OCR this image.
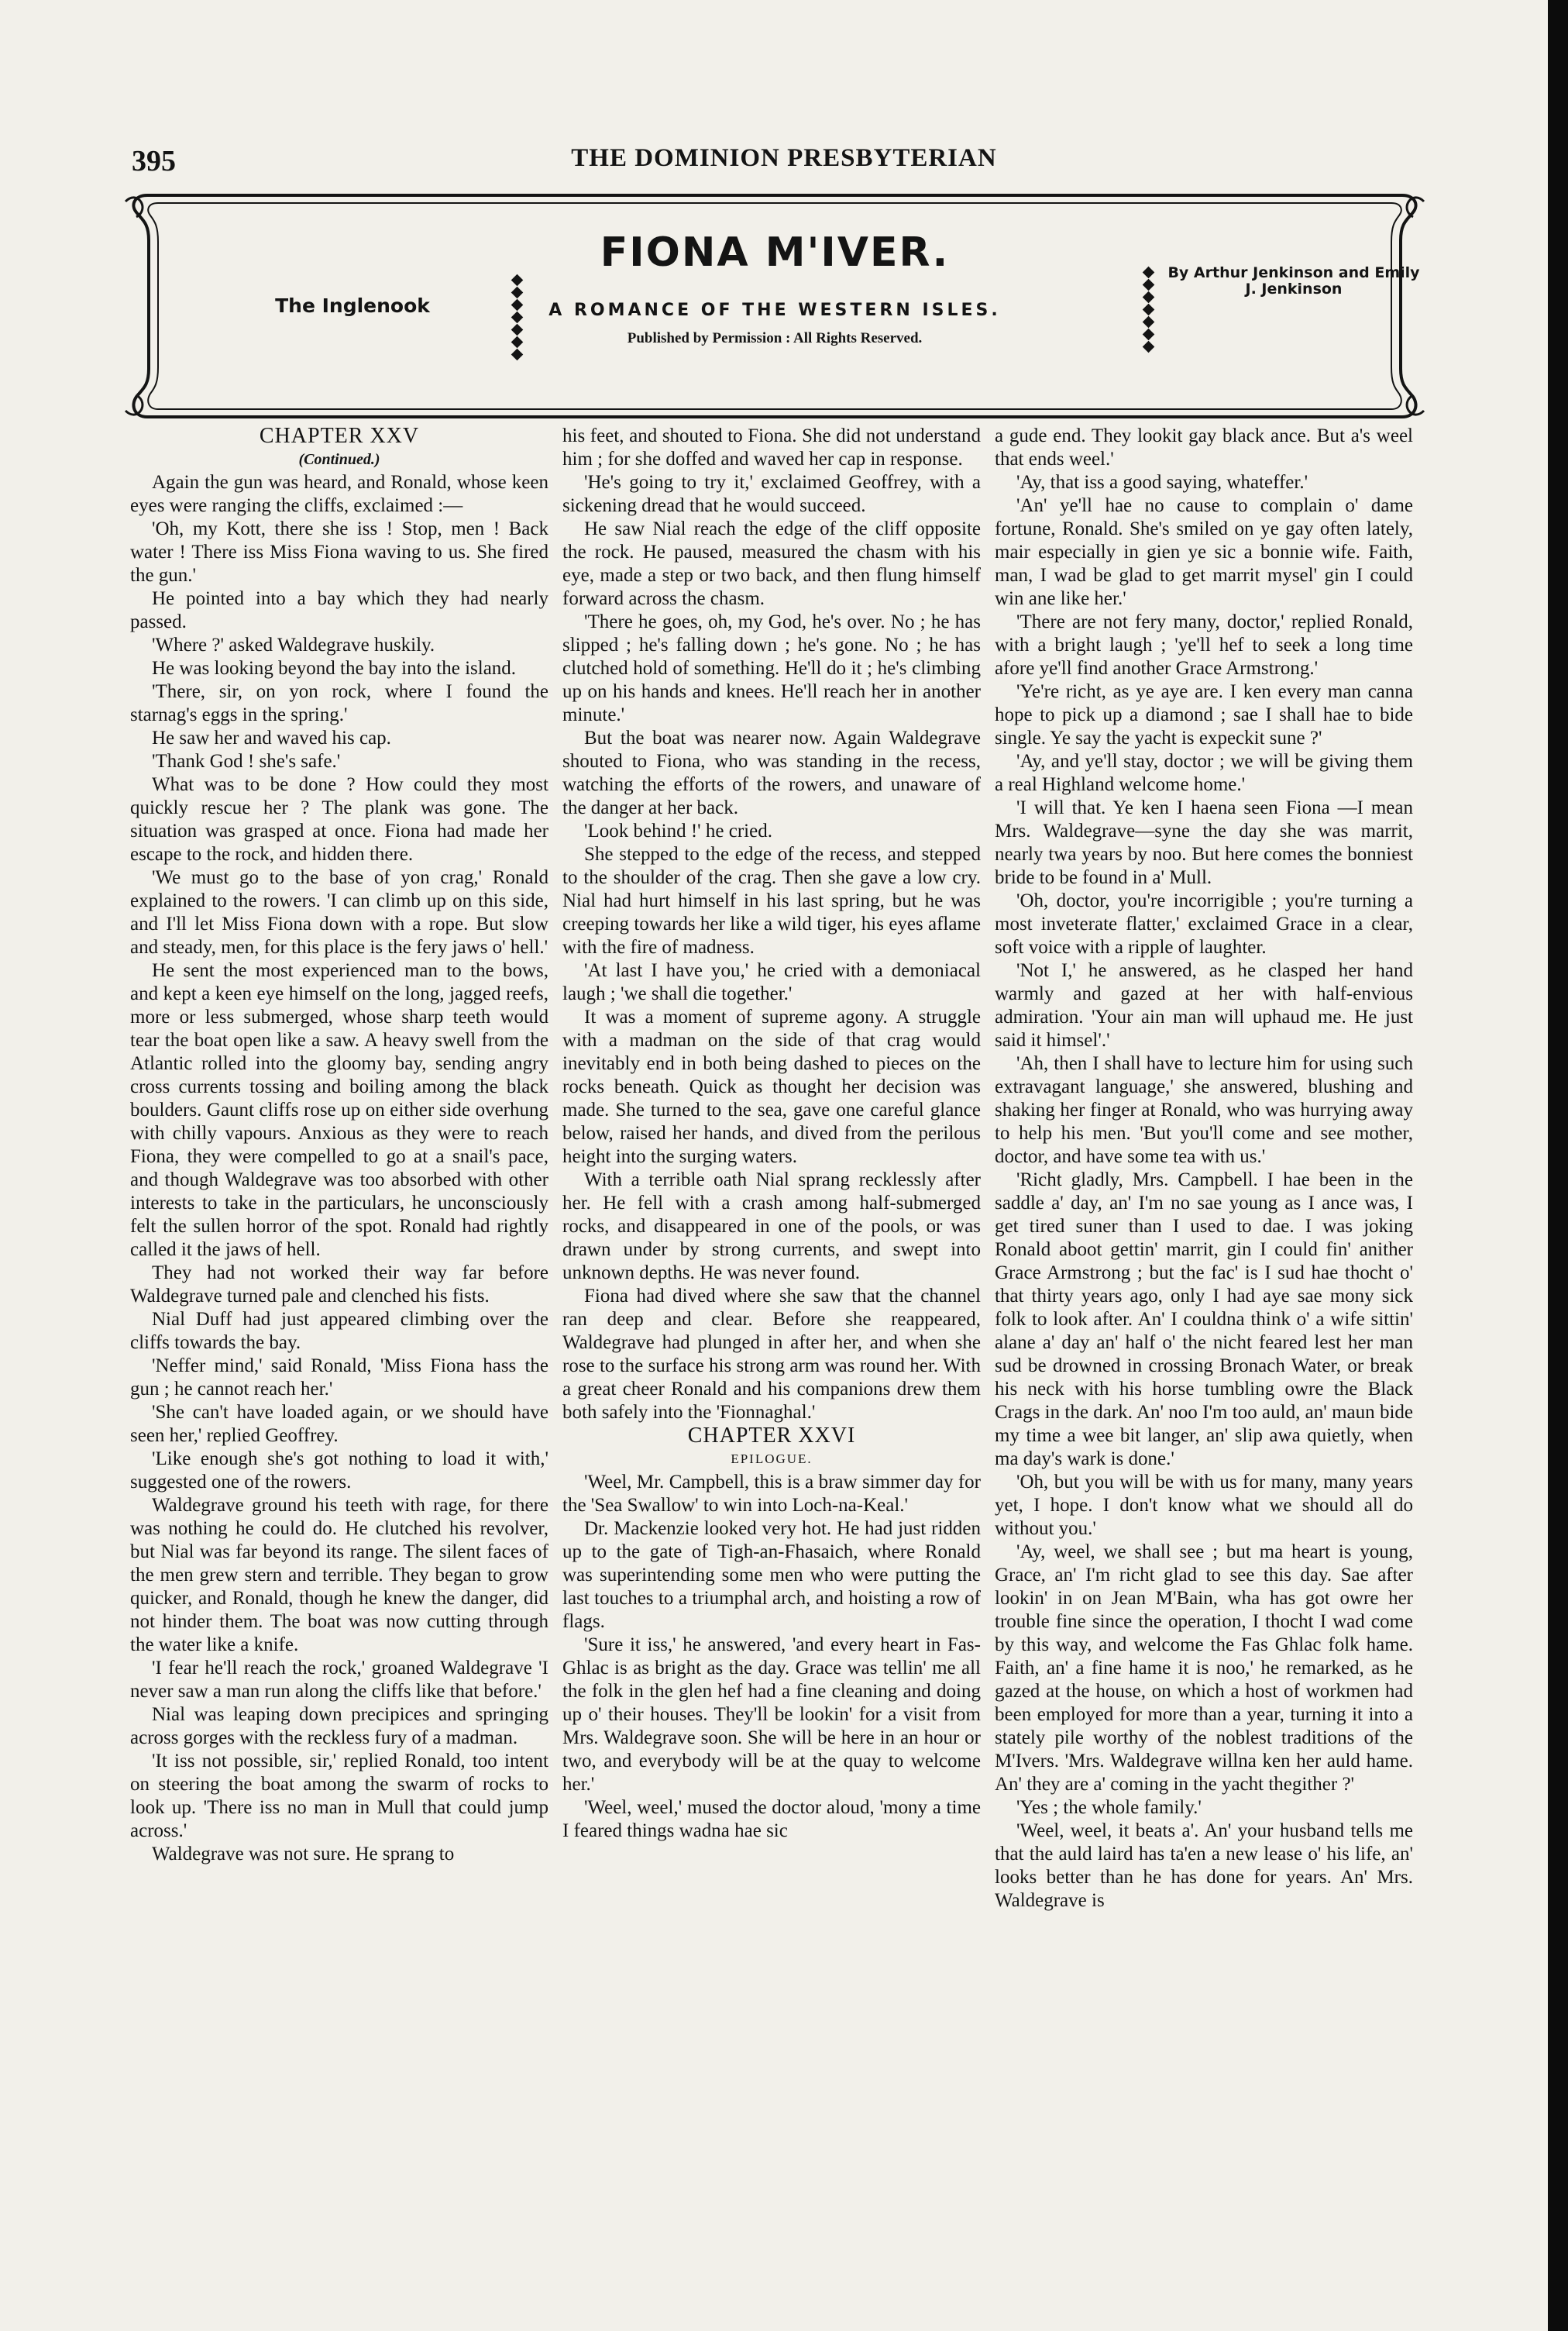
395	THE DOMINION PRESBYTERIAN
The Inglenook
FIONA M'IVER.
A ROMANCE OF THE WESTERN ISLES.
Published by Permission : All Rights Reserved.
By Arthur Jenkinson and Emily J. Jenkinson

CHAPTER XXV

(Continued.)

Again the gun was heard, and Ronald, whose keen eyes were ranging the cliffs, exclaimed :—

'Oh, my Kott, there she iss ! Stop, men ! Back water ! There iss Miss Fiona waving to us. She fired the gun.'

He pointed into a bay which they had nearly passed.

'Where ?' asked Waldegrave huskily.

He was looking beyond the bay into the island.

'There, sir, on yon rock, where I found the starnag's eggs in the spring.'

He saw her and waved his cap.

'Thank God ! she's safe.'

What was to be done ? How could they most quickly rescue her ? The plank was gone. The situation was grasped at once. Fiona had made her escape to the rock, and hidden there.

'We must go to the base of yon crag,' Ronald explained to the rowers. 'I can climb up on this side, and I'll let Miss Fiona down with a rope. But slow and steady, men, for this place is the fery jaws o' hell.'

He sent the most experienced man to the bows, and kept a keen eye himself on the long, jagged reefs, more or less submerged, whose sharp teeth would tear the boat open like a saw. A heavy swell from the Atlantic rolled into the gloomy bay, sending angry cross currents tossing and boiling among the black boulders. Gaunt cliffs rose up on either side overhung with chilly vapours. Anxious as they were to reach Fiona, they were compelled to go at a snail's pace, and though Waldegrave was too absorbed with other interests to take in the particulars, he unconsciously felt the sullen horror of the spot. Ronald had rightly called it the jaws of hell.

They had not worked their way far before Waldegrave turned pale and clenched his fists.

Nial Duff had just appeared climbing over the cliffs towards the bay.

'Neffer mind,' said Ronald, 'Miss Fiona hass the gun ; he cannot reach her.'

'She can't have loaded again, or we should have seen her,' replied Geoffrey.

'Like enough she's got nothing to load it with,' suggested one of the rowers.

Waldegrave ground his teeth with rage, for there was nothing he could do. He clutched his revolver, but Nial was far beyond its range. The silent faces of the men grew stern and terrible. They began to grow quicker, and Ronald, though he knew the danger, did not hinder them. The boat was now cutting through the water like a knife.

'I fear he'll reach the rock,' groaned Waldegrave 'I never saw a man run along the cliffs like that before.'

Nial was leaping down precipices and springing across gorges with the reckless fury of a madman.

'It iss not possible, sir,' replied Ronald, too intent on steering the boat among the swarm of rocks to look up. 'There iss no man in Mull that could jump across.'

Waldegrave was not sure. He sprang to

his feet, and shouted to Fiona. She did not understand him ; for she doffed and waved her cap in response.

'He's going to try it,' exclaimed Geoffrey, with a sickening dread that he would succeed.

He saw Nial reach the edge of the cliff opposite the rock. He paused, measured the chasm with his eye, made a step or two back, and then flung himself forward across the chasm.

'There he goes, oh, my God, he's over. No ; he has slipped ; he's falling down ; he's gone. No ; he has clutched hold of something. He'll do it ; he's climbing up on his hands and knees. He'll reach her in another minute.'

But the boat was nearer now. Again Waldegrave shouted to Fiona, who was standing in the recess, watching the efforts of the rowers, and unaware of the danger at her back.

'Look behind !' he cried.

She stepped to the edge of the recess, and stepped to the shoulder of the crag. Then she gave a low cry. Nial had hurt himself in his last spring, but he was creeping towards her like a wild tiger, his eyes aflame with the fire of madness.

'At last I have you,' he cried with a demoniacal laugh ; 'we shall die together.'

It was a moment of supreme agony. A struggle with a madman on the side of that crag would inevitably end in both being dashed to pieces on the rocks beneath. Quick as thought her decision was made. She turned to the sea, gave one careful glance below, raised her hands, and dived from the perilous height into the surging waters.

With a terrible oath Nial sprang recklessly after her. He fell with a crash among half-submerged rocks, and disappeared in one of the pools, or was drawn under by strong currents, and swept into unknown depths. He was never found.

Fiona had dived where she saw that the channel ran deep and clear. Before she reappeared, Waldegrave had plunged in after her, and when she rose to the surface his strong arm was round her. With a great cheer Ronald and his companions drew them both safely into the 'Fionnaghal.'

CHAPTER XXVI

EPILOGUE.

'Weel, Mr. Campbell, this is a braw simmer day for the 'Sea Swallow' to win into Loch-na-Keal.'

Dr. Mackenzie looked very hot. He had just ridden up to the gate of Tigh-an-Fhasaich, where Ronald was superintending some men who were putting the last touches to a triumphal arch, and hoisting a row of flags.

'Sure it iss,' he answered, 'and every heart in Fas-Ghlac is as bright as the day. Grace was tellin' me all the folk in the glen hef had a fine cleaning and doing up o' their houses. They'll be lookin' for a visit from Mrs. Waldegrave soon. She will be here in an hour or two, and everybody will be at the quay to welcome her.'

'Weel, weel,' mused the doctor aloud, 'mony a time I feared things wadna hae sic

a gude end. They lookit gay black ance. But a's weel that ends weel.'

'Ay, that iss a good saying, whateffer.'

'An' ye'll hae no cause to complain o' dame fortune, Ronald. She's smiled on ye gay often lately, mair especially in gien ye sic a bonnie wife. Faith, man, I wad be glad to get marrit mysel' gin I could win ane like her.'

'There are not fery many, doctor,' replied Ronald, with a bright laugh ; 'ye'll hef to seek a long time afore ye'll find another Grace Armstrong.'

'Ye're richt, as ye aye are. I ken every man canna hope to pick up a diamond ; sae I shall hae to bide single. Ye say the yacht is expeckit sune ?'

'Ay, and ye'll stay, doctor ; we will be giving them a real Highland welcome home.'

'I will that. Ye ken I haena seen Fiona —I mean Mrs. Waldegrave—syne the day she was marrit, nearly twa years by noo. But here comes the bonniest bride to be found in a' Mull.

'Oh, doctor, you're incorrigible ; you're turning a most inveterate flatter,' exclaimed Grace in a clear, soft voice with a ripple of laughter.

'Not I,' he answered, as he clasped her hand warmly and gazed at her with half-envious admiration. 'Your ain man will uphaud me. He just said it himsel'.'

'Ah, then I shall have to lecture him for using such extravagant language,' she answered, blushing and shaking her finger at Ronald, who was hurrying away to help his men. 'But you'll come and see mother, doctor, and have some tea with us.'

'Richt gladly, Mrs. Campbell. I hae been in the saddle a' day, an' I'm no sae young as I ance was, I get tired suner than I used to dae. I was joking Ronald aboot gettin' marrit, gin I could fin' anither Grace Armstrong ; but the fac' is I sud hae thocht o' that thirty years ago, only I had aye sae mony sick folk to look after. An' I couldna think o' a wife sittin' alane a' day an' half o' the nicht feared lest her man sud be drowned in crossing Bronach Water, or break his neck with his horse tumbling owre the Black Crags in the dark. An' noo I'm too auld, an' maun bide my time a wee bit langer, an' slip awa quietly, when ma day's wark is done.'

'Oh, but you will be with us for many, many years yet, I hope. I don't know what we should all do without you.'

'Ay, weel, we shall see ; but ma heart is young, Grace, an' I'm richt glad to see this day. Sae after lookin' in on Jean M'Bain, wha has got owre her trouble fine since the operation, I thocht I wad come by this way, and welcome the Fas Ghlac folk hame. Faith, an' a fine hame it is noo,' he remarked, as he gazed at the house, on which a host of workmen had been employed for more than a year, turning it into a stately pile worthy of the noblest traditions of the M'Ivers. 'Mrs. Waldegrave willna ken her auld hame. An' they are a' coming in the yacht thegither ?'

'Yes ; the whole family.'

'Weel, weel, it beats a'. An' your husband tells me that the auld laird has ta'en a new lease o' his life, an' looks better than he has done for years. An' Mrs. Waldegrave is
